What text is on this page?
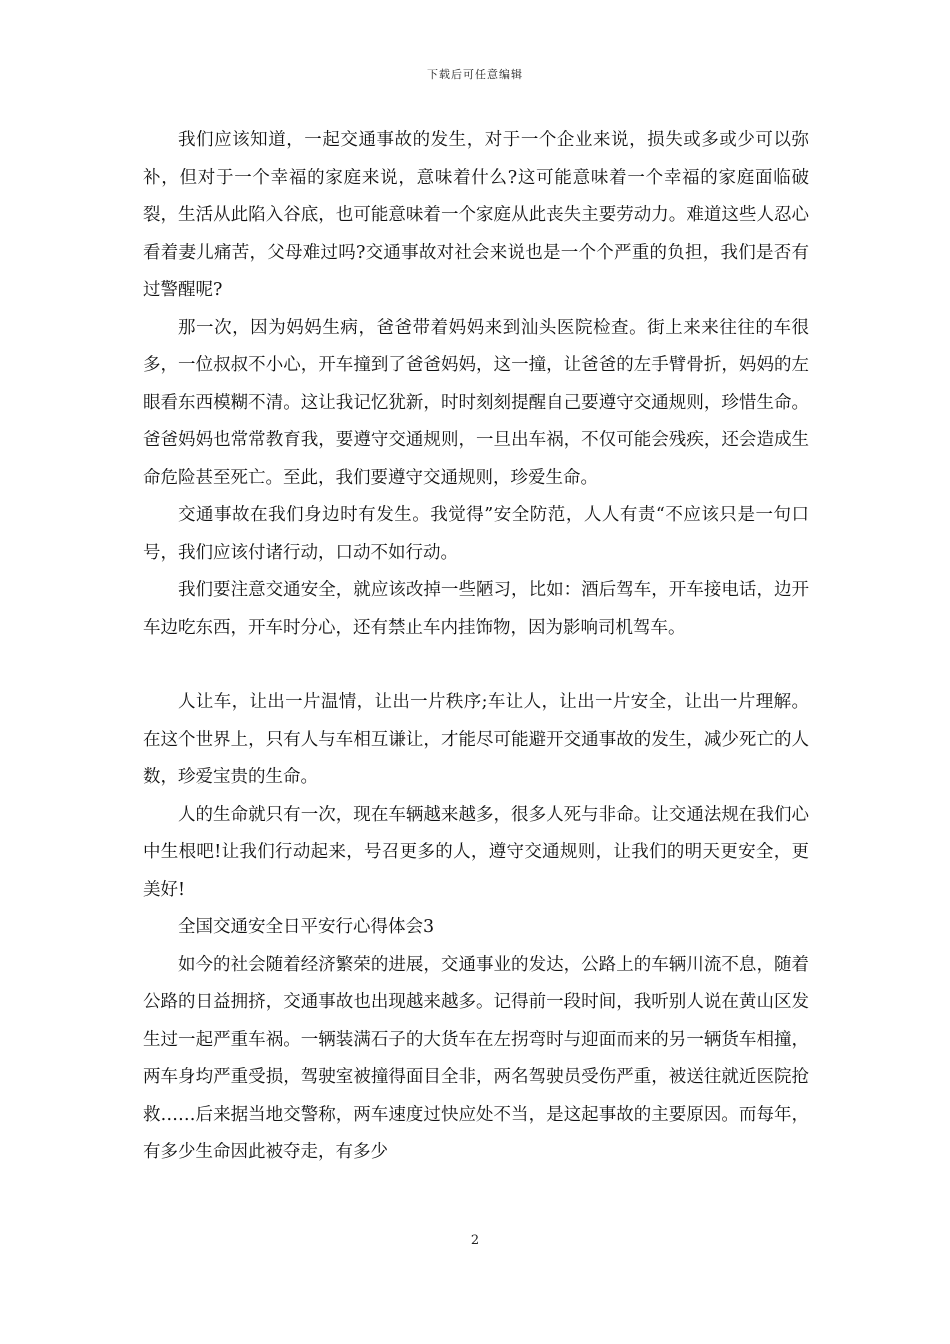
下载后可任意编辑

我们应该知道，一起交通事故的发生，对于一个企业来说，损失或多或少可以弥补，但对于一个幸福的家庭来说，意味着什么?这可能意味着一个幸福的家庭面临破裂，生活从此陷入谷底，也可能意味着一个家庭从此丧失主要劳动力。难道这些人忍心看着妻儿痛苦，父母难过吗?交通事故对社会来说也是一个个严重的负担，我们是否有过警醒呢?

那一次，因为妈妈生病，爸爸带着妈妈来到汕头医院检查。街上来来往往的车很多，一位叔叔不小心，开车撞到了爸爸妈妈，这一撞，让爸爸的左手臂骨折，妈妈的左眼看东西模糊不清。这让我记忆犹新，时时刻刻提醒自己要遵守交通规则，珍惜生命。爸爸妈妈也常常教育我，要遵守交通规则，一旦出车祸，不仅可能会残疾，还会造成生命危险甚至死亡。至此，我们要遵守交通规则，珍爱生命。

交通事故在我们身边时有发生。我觉得”安全防范，人人有责“不应该只是一句口号，我们应该付诸行动，口动不如行动。

我们要注意交通安全，就应该改掉一些陋习，比如：酒后驾车，开车接电话，边开车边吃东西，开车时分心，还有禁止车内挂饰物，因为影响司机驾车。

人让车，让出一片温情，让出一片秩序;车让人，让出一片安全，让出一片理解。在这个世界上，只有人与车相互谦让，才能尽可能避开交通事故的发生，减少死亡的人数，珍爱宝贵的生命。

人的生命就只有一次，现在车辆越来越多，很多人死与非命。让交通法规在我们心中生根吧!让我们行动起来，号召更多的人，遵守交通规则，让我们的明天更安全，更美好!

全国交通安全日平安行心得体会3

如今的社会随着经济繁荣的进展，交通事业的发达，公路上的车辆川流不息，随着公路的日益拥挤，交通事故也出现越来越多。记得前一段时间，我听别人说在黄山区发生过一起严重车祸。一辆装满石子的大货车在左拐弯时与迎面而来的另一辆货车相撞，两车身均严重受损，驾驶室被撞得面目全非，两名驾驶员受伤严重，被送往就近医院抢救……后来据当地交警称，两车速度过快应处不当，是这起事故的主要原因。而每年，有多少生命因此被夺走，有多少

2
